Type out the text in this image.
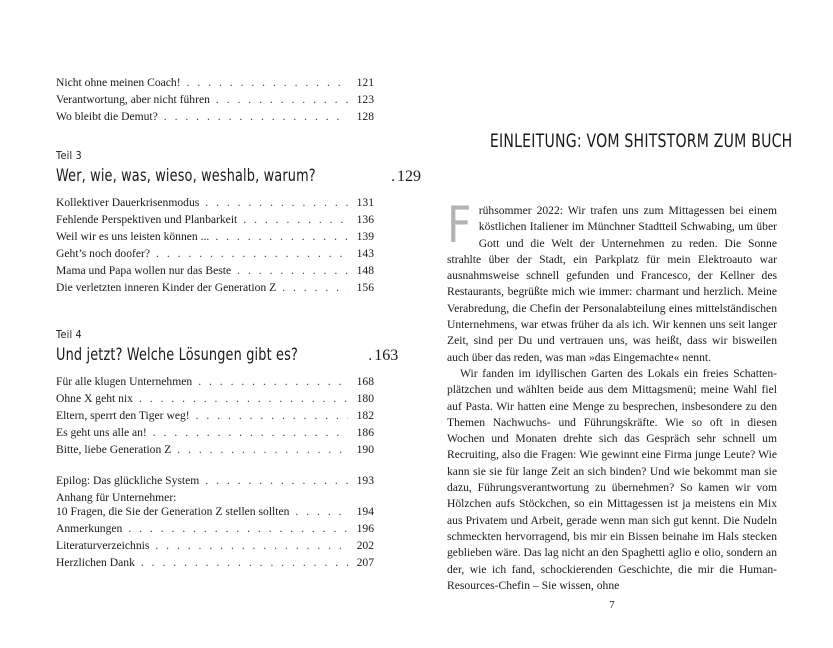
Nicht ohne meinen Coach! . . .	121
Verantwortung, aber nicht führen . . .	123
Wo bleibt die Demut? . . .	128
Teil 3
Wer, wie, was, wieso, weshalb, warum? . . .	129
Kollektiver Dauerkrisenmodus . . .	131
Fehlende Perspektiven und Planbarkeit . . .	136
Weil wir es uns leisten können ... . . .	139
Geht’s noch doofer? . . .	143
Mama und Papa wollen nur das Beste . . .	148
Die verletzten inneren Kinder der Generation Z . . .	156
Teil 4
Und jetzt? Welche Lösungen gibt es? . . .	163
Für alle klugen Unternehmen . . .	168
Ohne X geht nix . . .	180
Eltern, sperrt den Tiger weg! . . .	182
Es geht uns alle an! . . .	186
Bitte, liebe Generation Z . . .	190
Epilog: Das glückliche System . . .	193
Anhang für Unternehmer:
10 Fragen, die Sie der Generation Z stellen sollten . . .	194
Anmerkungen . . .	196
Literaturverzeichnis . . .	202
Herzlichen Dank . . .	207
EINLEITUNG: VOM SHITSTORM ZUM BUCH

Frühsommer 2022: Wir trafen uns zum Mittagessen bei einem köstlichen Italiener im Münchner Stadtteil Schwabing, um über Gott und die Welt der Unternehmen zu reden. Die Sonne strahlte über der Stadt, ein Parkplatz für mein Elektroauto war ausnahmsweise schnell gefunden und Francesco, der Kellner des Restaurants, begrüßte mich wie immer: charmant und herzlich. Meine Verabredung, die Chefin der Personalabteilung eines mittelständischen Unternehmens, war etwas früher da als ich. Wir kennen uns seit langer Zeit, sind per Du und vertrauen uns, was heißt, dass wir bisweilen auch über das reden, was man »das Eingemachte« nennt.

Wir fanden im idyllischen Garten des Lokals ein freies Schattenplätzchen und wählten beide aus dem Mittagsmenü; meine Wahl fiel auf Pasta. Wir hatten eine Menge zu besprechen, insbesondere zu den Themen Nachwuchs- und Führungskräfte. Wie so oft in diesen Wochen und Monaten drehte sich das Gespräch sehr schnell um Recruiting, also die Fragen: Wie gewinnt eine Firma junge Leute? Wie kann sie sie für lange Zeit an sich binden? Und wie bekommt man sie dazu, Führungsverantwortung zu übernehmen? So kamen wir vom Hölzchen aufs Stöckchen, so ein Mittagessen ist ja meistens ein Mix aus Privatem und Arbeit, gerade wenn man sich gut kennt. Die Nudeln schmeckten hervorragend, bis mir ein Bissen beinahe im Hals stecken geblieben wäre. Das lag nicht an den Spaghetti aglio e olio, sondern an der, wie ich fand, schockierenden Geschichte, die mir die Human-Resources-Chefin – Sie wissen, ohne

7
